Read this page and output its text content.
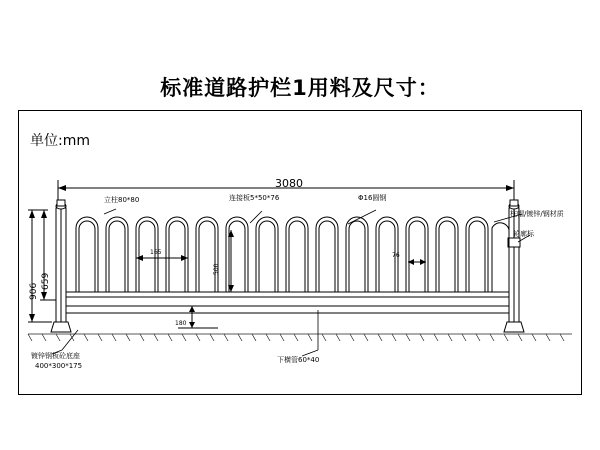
标准道路护栏1用料及尺寸：
单位:mm
3080
906
659
立柱80*80	连接板5*50*76	Φ16圆钢
柱帽/镀锌/钢材质
轮廓标
165
500
76
180
镀锌钢板砼底座
400*300*175
下横管60*40
